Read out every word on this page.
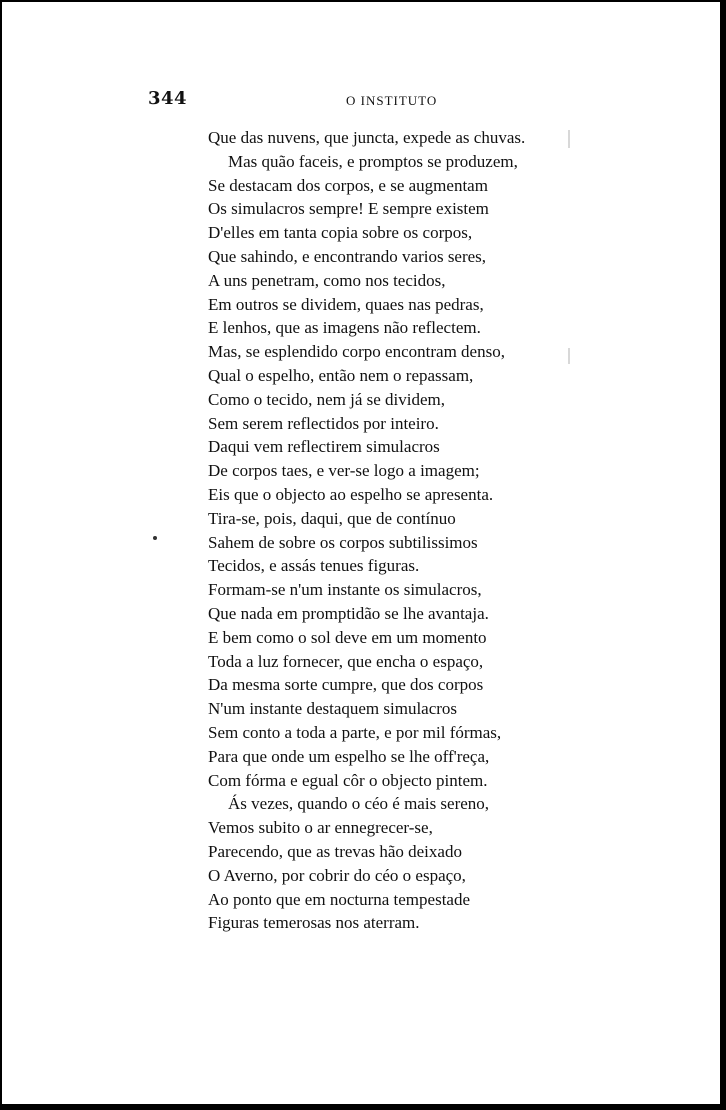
344	O INSTITUTO
Que das nuvens, que juncta, expede as chuvas.
Mas quão faceis, e promptos se produzem,
Se destacam dos corpos, e se augmentam
Os simulacros sempre! E sempre existem
D'elles em tanta copia sobre os corpos,
Que sahindo, e encontrando varios seres,
A uns penetram, como nos tecidos,
Em outros se dividem, quaes nas pedras,
E lenhos, que as imagens não reflectem.
Mas, se esplendido corpo encontram denso,
Qual o espelho, então nem o repassam,
Como o tecido, nem já se dividem,
Sem serem reflectidos por inteiro.
Daqui vem reflectirem simulacros
De corpos taes, e ver-se logo a imagem;
Eis que o objecto ao espelho se apresenta.
Tira-se, pois, daqui, que de contínuo
Sahem de sobre os corpos subtilissimos
Tecidos, e assás tenues figuras.
Formam-se n'um instante os simulacros,
Que nada em promptidão se lhe avantaja.
E bem como o sol deve em um momento
Toda a luz fornecer, que encha o espaço,
Da mesma sorte cumpre, que dos corpos
N'um instante destaquem simulacros
Sem conto a toda a parte, e por mil fórmas,
Para que onde um espelho se lhe off'reça,
Com fórma e egual côr o objecto pintem.
Ás vezes, quando o céo é mais sereno,
Vemos subito o ar ennegrecer-se,
Parecendo, que as trevas hão deixado
O Averno, por cobrir do céo o espaço,
Ao ponto que em nocturna tempestade
Figuras temerosas nos aterram.
